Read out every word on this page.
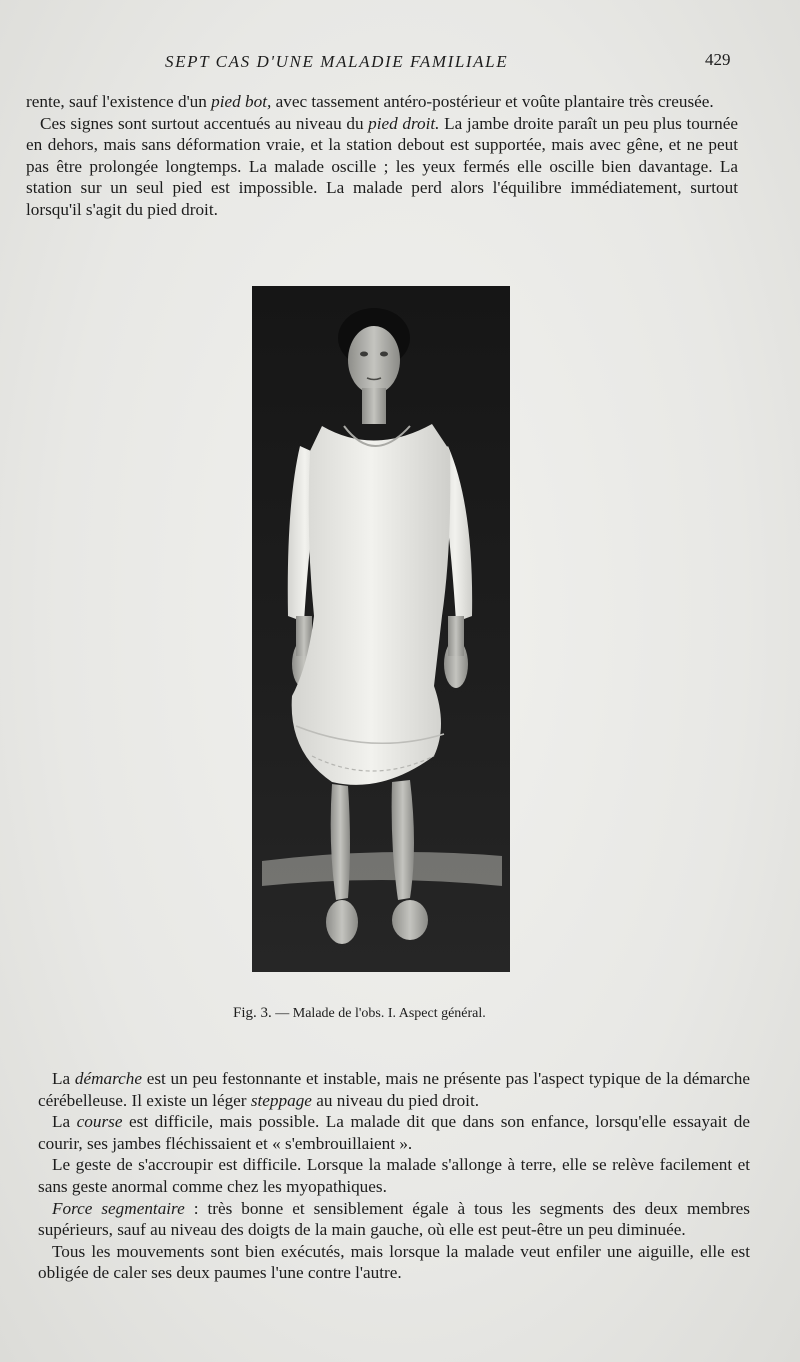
SEPT CAS D'UNE MALADIE FAMILIALE	429

rente, sauf l'existence d'un pied bot, avec tassement antéro-postérieur et voûte plantaire très creusée.

Ces signes sont surtout accentués au niveau du pied droit. La jambe droite paraît un peu plus tournée en dehors, mais sans déformation vraie, et la station debout est supportée, mais avec gêne, et ne peut pas être prolongée longtemps. La malade oscille ; les yeux fermés elle oscille bien davantage. La station sur un seul pied est impossible. La malade perd alors l'équilibre immédiatement, surtout lorsqu'il s'agit du pied droit.

Fig. 3. — Malade de l'obs. I. Aspect général.

La démarche est un peu festonnante et instable, mais ne présente pas l'aspect typique de la démarche cérébelleuse. Il existe un léger steppage au niveau du pied droit.

La course est difficile, mais possible. La malade dit que dans son enfance, lorsqu'elle essayait de courir, ses jambes fléchissaient et « s'embrouillaient ».

Le geste de s'accroupir est difficile. Lorsque la malade s'allonge à terre, elle se relève facilement et sans geste anormal comme chez les myopathiques.

Force segmentaire : très bonne et sensiblement égale à tous les segments des deux membres supérieurs, sauf au niveau des doigts de la main gauche, où elle est peut-être un peu diminuée.

Tous les mouvements sont bien exécutés, mais lorsque la malade veut enfiler une aiguille, elle est obligée de caler ses deux paumes l'une contre l'autre.
